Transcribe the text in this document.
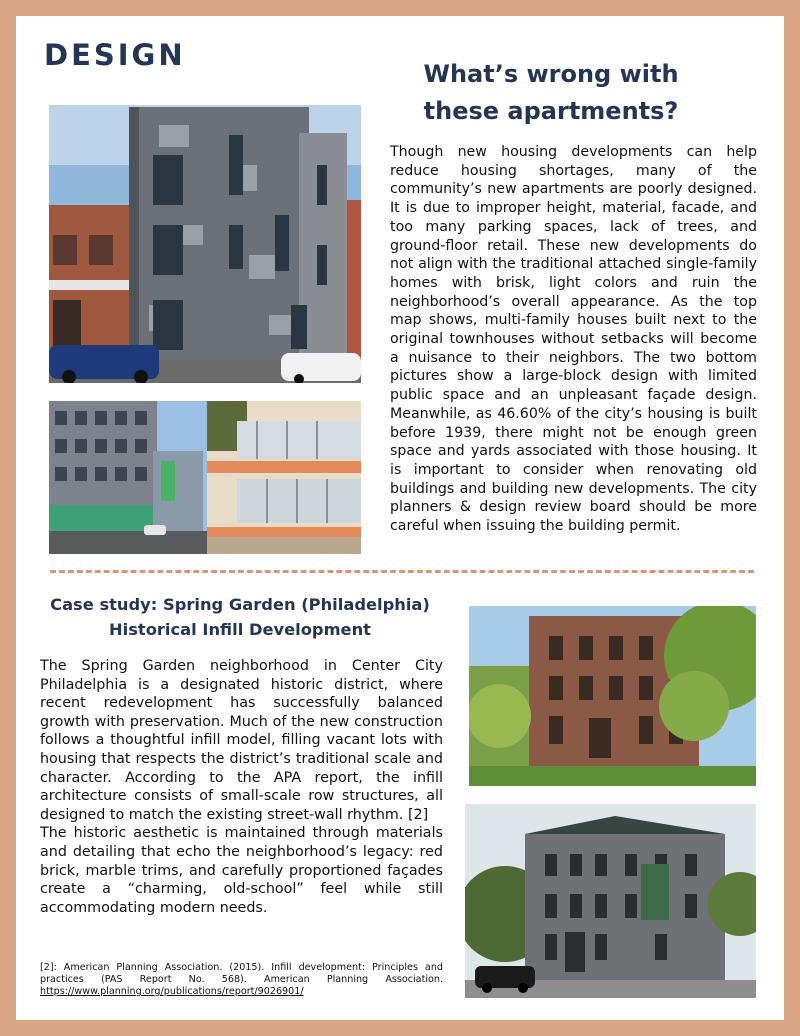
DESIGN
What’s wrong with these apartments?
Though new housing developments can help reduce housing shortages, many of the community’s new apartments are poorly designed. It is due to improper height, material, facade, and too many parking spaces, lack of trees, and ground-floor retail. These new developments do not align with the traditional attached single-family homes with brisk, light colors and ruin the neighborhood’s overall appearance. As the top map shows, multi-family houses built next to the original townhouses without setbacks will become a nuisance to their neighbors. The two bottom pictures show a large-block design with limited public space and an unpleasant façade design. Meanwhile, as 46.60% of the city’s housing is built before 1939, there might not be enough green space and yards associated with those housing. It is important to consider when renovating old buildings and building new developments. The city planners & design review board should be more careful when issuing the building permit.
Case study: Spring Garden (Philadelphia)
Historical Infill Development

The Spring Garden neighborhood in Center City Philadelphia is a designated historic district, where recent redevelopment has successfully balanced growth with preservation. Much of the new construction follows a thoughtful infill model, filling vacant lots with housing that respects the district’s traditional scale and character. According to the APA report, the infill architecture consists of small-scale row structures, all designed to match the existing street-wall rhythm. [2]

The historic aesthetic is maintained through materials and detailing that echo the neighborhood’s legacy: red brick, marble trims, and carefully proportioned façades create a “charming, old-school” feel while still accommodating modern needs.

[2]: American Planning Association. (2015). Infill development: Principles and practices (PAS Report No. 568). American Planning Association. https://www.planning.org/publications/report/9026901/
